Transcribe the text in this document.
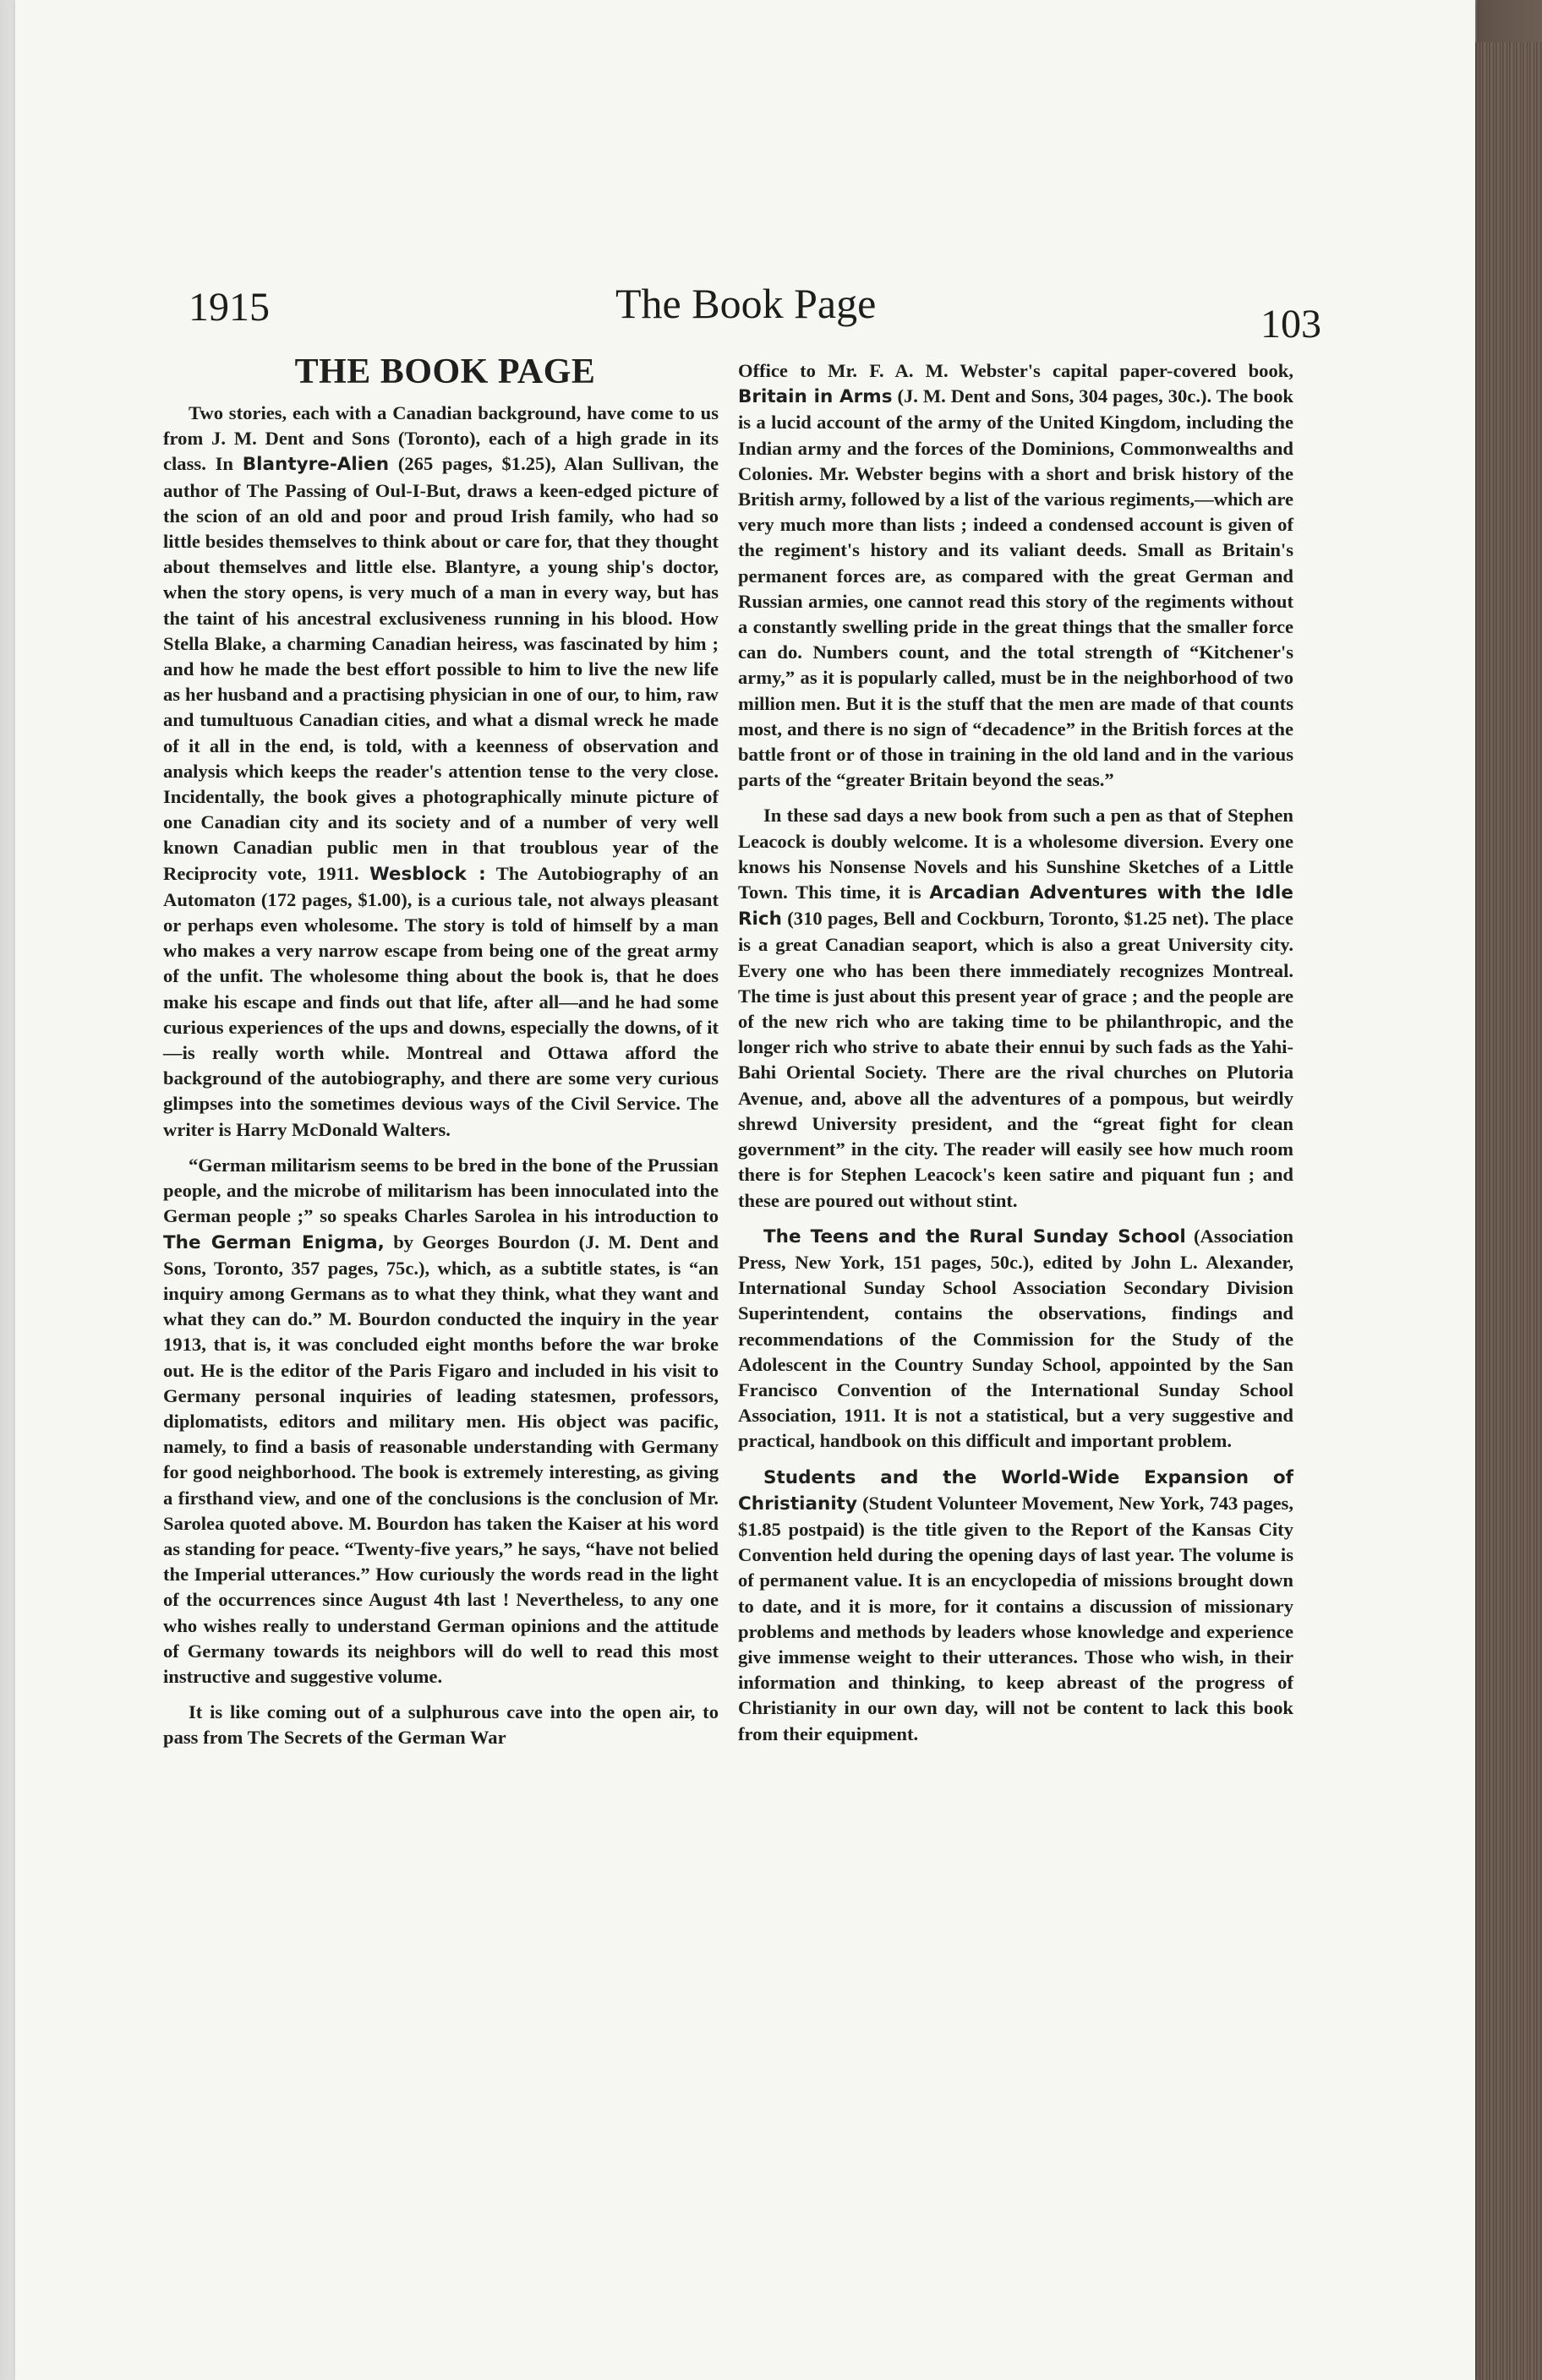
1915	The Book Page	103
THE BOOK PAGE

Two stories, each with a Canadian background, have come to us from J. M. Dent and Sons (Toronto), each of a high grade in its class. In Blantyre-Alien (265 pages, $1.25), Alan Sullivan, the author of The Passing of Oul-I-But, draws a keen-edged picture of the scion of an old and poor and proud Irish family, who had so little besides themselves to think about or care for, that they thought about themselves and little else. Blantyre, a young ship's doctor, when the story opens, is very much of a man in every way, but has the taint of his ancestral exclusiveness running in his blood. How Stella Blake, a charming Canadian heiress, was fascinated by him ; and how he made the best effort possible to him to live the new life as her husband and a practising physician in one of our, to him, raw and tumultuous Canadian cities, and what a dismal wreck he made of it all in the end, is told, with a keenness of observation and analysis which keeps the reader's attention tense to the very close. Incidentally, the book gives a photographically minute picture of one Canadian city and its society and of a number of very well known Canadian public men in that troublous year of the Reciprocity vote, 1911. Wesblock : The Autobiography of an Automaton (172 pages, $1.00), is a curious tale, not always pleasant or perhaps even wholesome. The story is told of himself by a man who makes a very narrow escape from being one of the great army of the unfit. The wholesome thing about the book is, that he does make his escape and finds out that life, after all—and he had some curious experiences of the ups and downs, especially the downs, of it—is really worth while. Montreal and Ottawa afford the background of the autobiography, and there are some very curious glimpses into the sometimes devious ways of the Civil Service. The writer is Harry McDonald Walters.

“German militarism seems to be bred in the bone of the Prussian people, and the microbe of militarism has been innoculated into the German people ;” so speaks Charles Sarolea in his introduction to The German Enigma, by Georges Bourdon (J. M. Dent and Sons, Toronto, 357 pages, 75c.), which, as a subtitle states, is “an inquiry among Germans as to what they think, what they want and what they can do.” M. Bourdon conducted the inquiry in the year 1913, that is, it was concluded eight months before the war broke out. He is the editor of the Paris Figaro and included in his visit to Germany personal inquiries of leading statesmen, professors, diplomatists, editors and military men. His object was pacific, namely, to find a basis of reasonable understanding with Germany for good neighborhood. The book is extremely interesting, as giving a firsthand view, and one of the conclusions is the conclusion of Mr. Sarolea quoted above. M. Bourdon has taken the Kaiser at his word as standing for peace. “Twenty-five years,” he says, “have not belied the Imperial utterances.” How curiously the words read in the light of the occurrences since August 4th last ! Nevertheless, to any one who wishes really to understand German opinions and the attitude of Germany towards its neighbors will do well to read this most instructive and suggestive volume.

It is like coming out of a sulphurous cave into the open air, to pass from The Secrets of the German War

Office to Mr. F. A. M. Webster's capital paper-covered book, Britain in Arms (J. M. Dent and Sons, 304 pages, 30c.). The book is a lucid account of the army of the United Kingdom, including the Indian army and the forces of the Dominions, Commonwealths and Colonies. Mr. Webster begins with a short and brisk history of the British army, followed by a list of the various regiments,—which are very much more than lists ; indeed a condensed account is given of the regiment's history and its valiant deeds. Small as Britain's permanent forces are, as compared with the great German and Russian armies, one cannot read this story of the regiments without a constantly swelling pride in the great things that the smaller force can do. Numbers count, and the total strength of “Kitchener's army,” as it is popularly called, must be in the neighborhood of two million men. But it is the stuff that the men are made of that counts most, and there is no sign of “decadence” in the British forces at the battle front or of those in training in the old land and in the various parts of the “greater Britain beyond the seas.”

In these sad days a new book from such a pen as that of Stephen Leacock is doubly welcome. It is a wholesome diversion. Every one knows his Nonsense Novels and his Sunshine Sketches of a Little Town. This time, it is Arcadian Adventures with the Idle Rich (310 pages, Bell and Cockburn, Toronto, $1.25 net). The place is a great Canadian seaport, which is also a great University city. Every one who has been there immediately recognizes Montreal. The time is just about this present year of grace ; and the people are of the new rich who are taking time to be philanthropic, and the longer rich who strive to abate their ennui by such fads as the Yahi-Bahi Oriental Society. There are the rival churches on Plutoria Avenue, and, above all the adventures of a pompous, but weirdly shrewd University president, and the “great fight for clean government” in the city. The reader will easily see how much room there is for Stephen Leacock's keen satire and piquant fun ; and these are poured out without stint.

The Teens and the Rural Sunday School (Association Press, New York, 151 pages, 50c.), edited by John L. Alexander, International Sunday School Association Secondary Division Superintendent, contains the observations, findings and recommendations of the Commission for the Study of the Adolescent in the Country Sunday School, appointed by the San Francisco Convention of the International Sunday School Association, 1911. It is not a statistical, but a very suggestive and practical, handbook on this difficult and important problem.

Students and the World-Wide Expansion of Christianity (Student Volunteer Movement, New York, 743 pages, $1.85 postpaid) is the title given to the Report of the Kansas City Convention held during the opening days of last year. The volume is of permanent value. It is an encyclopedia of missions brought down to date, and it is more, for it contains a discussion of missionary problems and methods by leaders whose knowledge and experience give immense weight to their utterances. Those who wish, in their information and thinking, to keep abreast of the progress of Christianity in our own day, will not be content to lack this book from their equipment.
